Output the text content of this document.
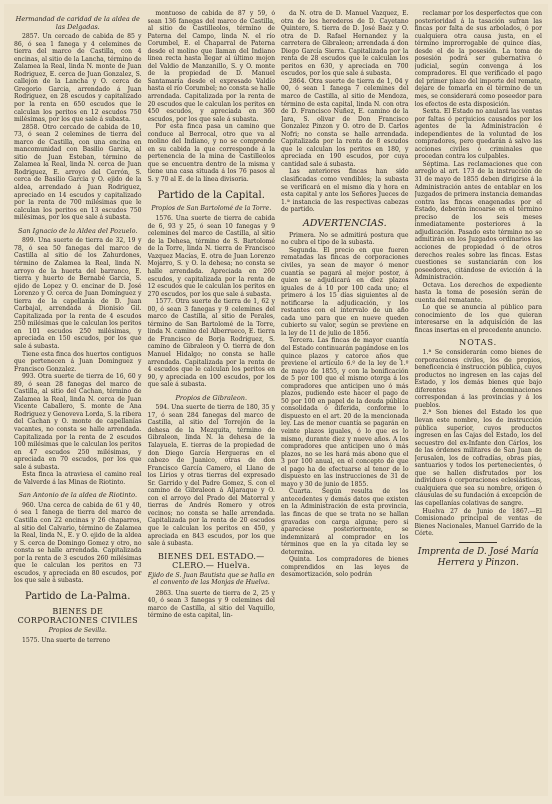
Hermandad de caridad de la aldea de las Delgadas.

2857. Un cercado de cabida de 85 y 86, ó sea 1 fanega y 4 celemines de tierra del marco de Castilla, con 4 encinas, al sitio de la Lancha, término de Zalamea la Real, linda N. monte de Juan Rodriguez, E. cerca de Juan Gonzalez, S. callejon de la Lancha y O. cerca de Gregorio Garcia, arrendado á Juan Rodriguez, en 28 escudos y capitalizado por la renta en 650 escudos que le calculan los peritos en 12 escudos 750 milésimas, por los que sale á subasta.

2858. Otro cercado de cabida de 10, 73, ó sean 2 celemines de tierra del marco de Castilla, con una encina en mancomunidad con Basilio Garcia, al sitio de Juan Esteban, término de Zalamea la Real, linda N. cerca de Juan Rodriguez, E. arroyo del Cerrón, S. cerca de Basilio Garcia y O. ejido de la aldea, arrendado á Juan Rodriguez, apreciado en 14 escudos y capitalizado por la renta de 700 milésimas que le calculan los peritos en 13 escudos 750 milésimas, por los que sale á subasta.

San Ignacio de la Aldea del Pozuelo.

899. Una suerte de tierra de 32, 19 y 78, ó sea 50 fanegas del marco de Castilla al sitio de los Zahurdones, término de Zalamea la Real, linda N. arroyo de la huerta del barranco, E. tierra y huerto de Bernabé Garcia, S. ejido de Lopez y O. encinar de D. José Lorenzo y O. cerca de Juan Domínguez y tierra de la capellanía de D. Juan Carbajal, arrendada á Dionisio Gil. Capitalizada por la renta de 4 escudos 250 milésimas que le calculan los peritos en 101 escudos 250 milésimas, y apreciada en 150 escudos, por los que sale á subasta.

Tiene esta finca dos huertos contiguos que pertenecen á Juan Dominguez y Francisco Gonzalez.

993. Otra suerte de tierra de 16, 60 y 89, ó sean 28 fanegas del marco de Castilla, al sitio del Cachan, término de Zalamea la Real, linda N. cerca de Juan Vicente Caballero, S. monte de Ana Rodriguez y Genoveva Lorda, S. la ribera del Cachan y O. monte de capellanías vacantes, no consta se halle arrendada. Capitalizada por la renta de 2 escudos 100 milésimas que le calculan los peritos en 47 escudos 250 milésimas, y apreciada en 70 escudos, por los que sale á subasta.

Esta finca la atraviesa el camino real de Valverde á las Minas de Riotinto.

San Antonio de la aldea de Riotinto.

960. Una cerca de cabida de 61 y 40, ó sea 1 fanega de tierra del marco de Castilla con 22 encinas y 26 chaparros, al sitio del Calvario, término de Zalamea la Real, linda N., E. y O. ejido de la aldea y S. cerca de Domingo Gomez y otro, no consta se halle arrendada. Capitalizada por la renta de 3 escudos 260 milésimas que le calculan los peritos en 73 escudos, y apreciada en 80 escudos, por los que sale á subasta.

Partido de La-Palma.

BIENES DE CORPORACIONES CIVILES

Propios de Sevilla.

1575. Una suerte de terreno

montuoso de cabida de 87 y 59, ó sean 136 fanegas del marco de Castilla, al sitio de Castilleolos, término de Paterna del Campo, linda N. el río Corumbel, E. el Chaparral de Paterna desde el molino que llaman del Indiano linea recta hasta llegar al último mojon del Valdio de Manzanillo, S. y O. monte de la propiedad de D. Manuel Santamaría desde el expresado Valdío hasta el río Corumbel; no consta se halle arrendada. Capitalizada por la renta de 20 escudos que le calculan los peritos en 450 escudos, y apreciada en 360 escudos, por los que sale á subasta.

Por esta finca pasa un camino que conduce al Berrocal, otro que va al molino del Indiano, y no se comprende en su cabida la que corresponde á la pertenencia de la mina de Castilleolos que se encuentra dentro de la misma y tiene una casa situada á los 76 pasos al S. y 70 al E. de la línea divisoria.

Partido de la Capital.

Propios de San Bartolomé de la Torre.

1576. Una suerte de tierra de cabida de 6, 93 y 25, ó sean 10 fanegas y 9 celemines del marco de Castilla, al sitio de la Dehesa, término de S. Bartolomé de la Torre, linda N. tierra de Francisco Vazquez Macías, E. otra de Juan Lorenzo Mojarro, S. y O. la dehesa; no consta se halle arrendada. Apreciada en 260 escudos, y capitalizada por la renta de 12 escudos que le calculan los peritos en 270 escudos, por los que sale á subasta.

1577. Otra suerte de tierra de 1, 62 y 00, ó sean 3 fanegas y 9 celemines del marco de Castilla, al sitio de Perales, término de San Bartolomé de la Torre, linda N. camino del Alberrueco, E. tierra de Francisco de Borja Rodriguez, S. camino de Gibraleon y O. tierra de don Manuel Hidalgo; no consta se halle arrendada. Capitalizada por la renta de 4 escudos que le calculan los peritos en 90, y apreciada en 100 escudos, por los que sale á subasta.

Propios de Gibraleon.

594. Una suerte de tierra de 180, 35 y 17, ó sean 284 fanegas del marco de Castilla, al sitio del Torrejón de la dehesa de la Mezquita, término de Gibraleon, linda N. la dehesa de la Talayuela, E. tierras de la propiedad de don Diego García Hergueras en el cabezo de Juanico, otras de don Francisco García Camero, el Llano de los Lirios y otras tierras del expresado Sr. Garrido y del Padre Gomez, S. con el camino de Gibraleon á Aljaraque y O. con el arroyo del Prado del Matorral y tierras de Andrés Romero y otros vecinos; no consta se halle arrendada. Capitalizada por la renta de 20 escudos que le calculan los peritos en 450, y apreciada en 843 escudos, por los que sale á subasta.

BIENES DEL ESTADO.—CLERO.— Huelva.

Ejido de S. Juan Bautista que se halla en el convento de las Monjas de Huelva.

2863. Una suerte de tierra de 2, 25 y 40, ó sean 3 fanegas y 9 celemines del marco de Castilla, al sitio del Vaquillo, término de esta capital, lin-

da N. otra de D. Manuel Vazquez, E. otra de los herederos de D. Cayetano Quintero, S. tierra de D. José Baez y O. otra de D. Rafael Hernandez y la carretera de Gibraleon; arrendada á don Diego García Sierra. Capitalizada por la renta de 28 escudos que le calculan los peritos en 630, y apreciada en 700 escudos, por los que sale á subasta.

2864. Otra suerte de tierra de 1, 04 y 00, ó sean 1 fanega 7 celemines del marco de Castilla, al sitio de Mendoza, término de esta capital, linda N. con otra de D. Francisco Nuñez, E. camino de la Jara, S. olivar de Don Francisco Gonzalez Pinzon y O. otro de D. Carlos Nofri; no consta se halle arrendada. Capitalizada por la renta de 8 escudos que le calculan los peritos en 180, y apreciada en 190 escudos, por cuya cantidad sale á subasta.

Las anteriores fincas han sido clasificadas como vendibles; la subasta se verificará en el mismo día y hora en esta capital y ante los Señores Jueces de 1.ª instancia de las respectivas cabezas de partido.

ADVERTENCIAS.

Primera. No se admitirá postura que no cubra el tipo de la subasta.

Segunda. El precio en que fueren rematadas las fincas de corporaciones civiles, ya sean de mayor ó menor cuantía se pagará al mejor postor, á quien se adjudicará en diez plazos iguales de á 10 por 100 cada uno; el primero á los 15 días siguientes al de notificarse la adjudicación, y los restantes con el intervalo de un año cada uno para que en nueve queden cubierto su valor, según se previene en la ley de 11 de julio de 1856.

Tercera. Las fincas de mayor cuantía del Estado continuarán pagándose en los quince plazos y catorce años que previene el artículo 6.º de la ley de 1.º de mayo de 1855, y con la bonificación de 5 por 100 que el mismo otorga á los compradores que anticipen uno ó más plazos, pudiendo este hacer el pago de 50 por 100 en papel de la deuda pública consolidada ó diferida, conforme lo dispuesto en el art. 20 de la mencionada ley. Las de menor cuantía se pagarán en veinte plazos iguales, ó lo que es lo mismo, durante diez y nueve años. A los compradores que anticipen uno ó más plazos, no se les hará más abono que el 3 por 100 anual, en el concepto de que el pago ha de efectuarse al tenor de lo dispuesto en las instrucciones de 31 de mayo y 30 de junio de 1855.

Cuarta. Según resulta de los antecedentes y demás datos que existen en la Administración de esta provincia, las fincas de que se trata no se hallan gravadas con carga alguna; pero si apareciese posteriormente, se indemnizará al comprador en los términos que en la ya citada ley se determina.

Quinta. Los compradores de bienes comprendidos en las leyes de desamortización, solo podrán

reclamar por los desperfectos que con posterioridad á la tasación sufran las fincas por falta de sus arbolados, ó por cualquiera otra causa justa, en el término improrrogable de quince días, desde el de la posesión. La toma de posesión podrá ser gubernativa ó judicial, según convenga á los compradores. El que verificado el pago del primer plazo del importe del remate, dejare de tomarla en el término de un mes, se considerará como poseedor para los efectos de esta disposición.

Sexta. El Estado no anulará las ventas por faltas ó perjuicios causados por los agentes de la Administración é independientes de la voluntad de los compradores, pero quedarán á salvo las acciones civiles ó criminales que procedan contra los culpables.

Séptima. Las reclamaciones que con arreglo al art. 173 de la instrucción de 31 de mayo de 1855 deben dirigirse á la Administración antes de entablar en los Juzgados de primera instancia demandas contra las fincas enagenadas por el Estado, deberán incoarse en el término preciso de los seis meses inmediatamente posteriores á la adjudicación. Pasado este término no se admitirán en los Juzgados ordinarios las acciones de propiedad ó de otros derechos reales sobre las fincas. Estas cuestiones se sustanciarán con los poseedores, citándose de evicción á la Administración.

Octava. Los derechos de expediente hasta la toma de posesión serán de cuenta del rematante.

Lo que se anuncia al público para conocimiento de los que quieran interesarse en la adquisición de las fincas insertas en el precedente anuncio.

NOTAS.

1.ª Se considerarán como bienes de corporaciones civiles, los de propios, beneficencia é instrucción pública, cuyos productos no ingresen en las cajas del Estado, y los demás bienes que bajo diferentes denominaciones correspondan á las provincias y á los pueblos.

2.ª Son bienes del Estado los que llevan este nombre, los de instrucción pública superior, cuyos productos ingresen en las Cajas del Estado, los del secuestro del ex-Infante don Cárlos, los de las órdenes militares de San Juan de Jerusalen, los de cofradías, obras pías, santuarios y todos los pertenecientes, ó que se hallen disfrutados por los individuos ó corporaciones eclesiásticas, cualquiera que sea su nombre, origen ó cláusulas de su fundación á excepción de las capellanías colativas de sangre.

Huelva 27 de Junio de 1867.—El Comisionado principal de ventas de Bienes Nacionales, Manuel Garrido de la Córte.

Imprenta de D. José María Herrera y Pinzon.
